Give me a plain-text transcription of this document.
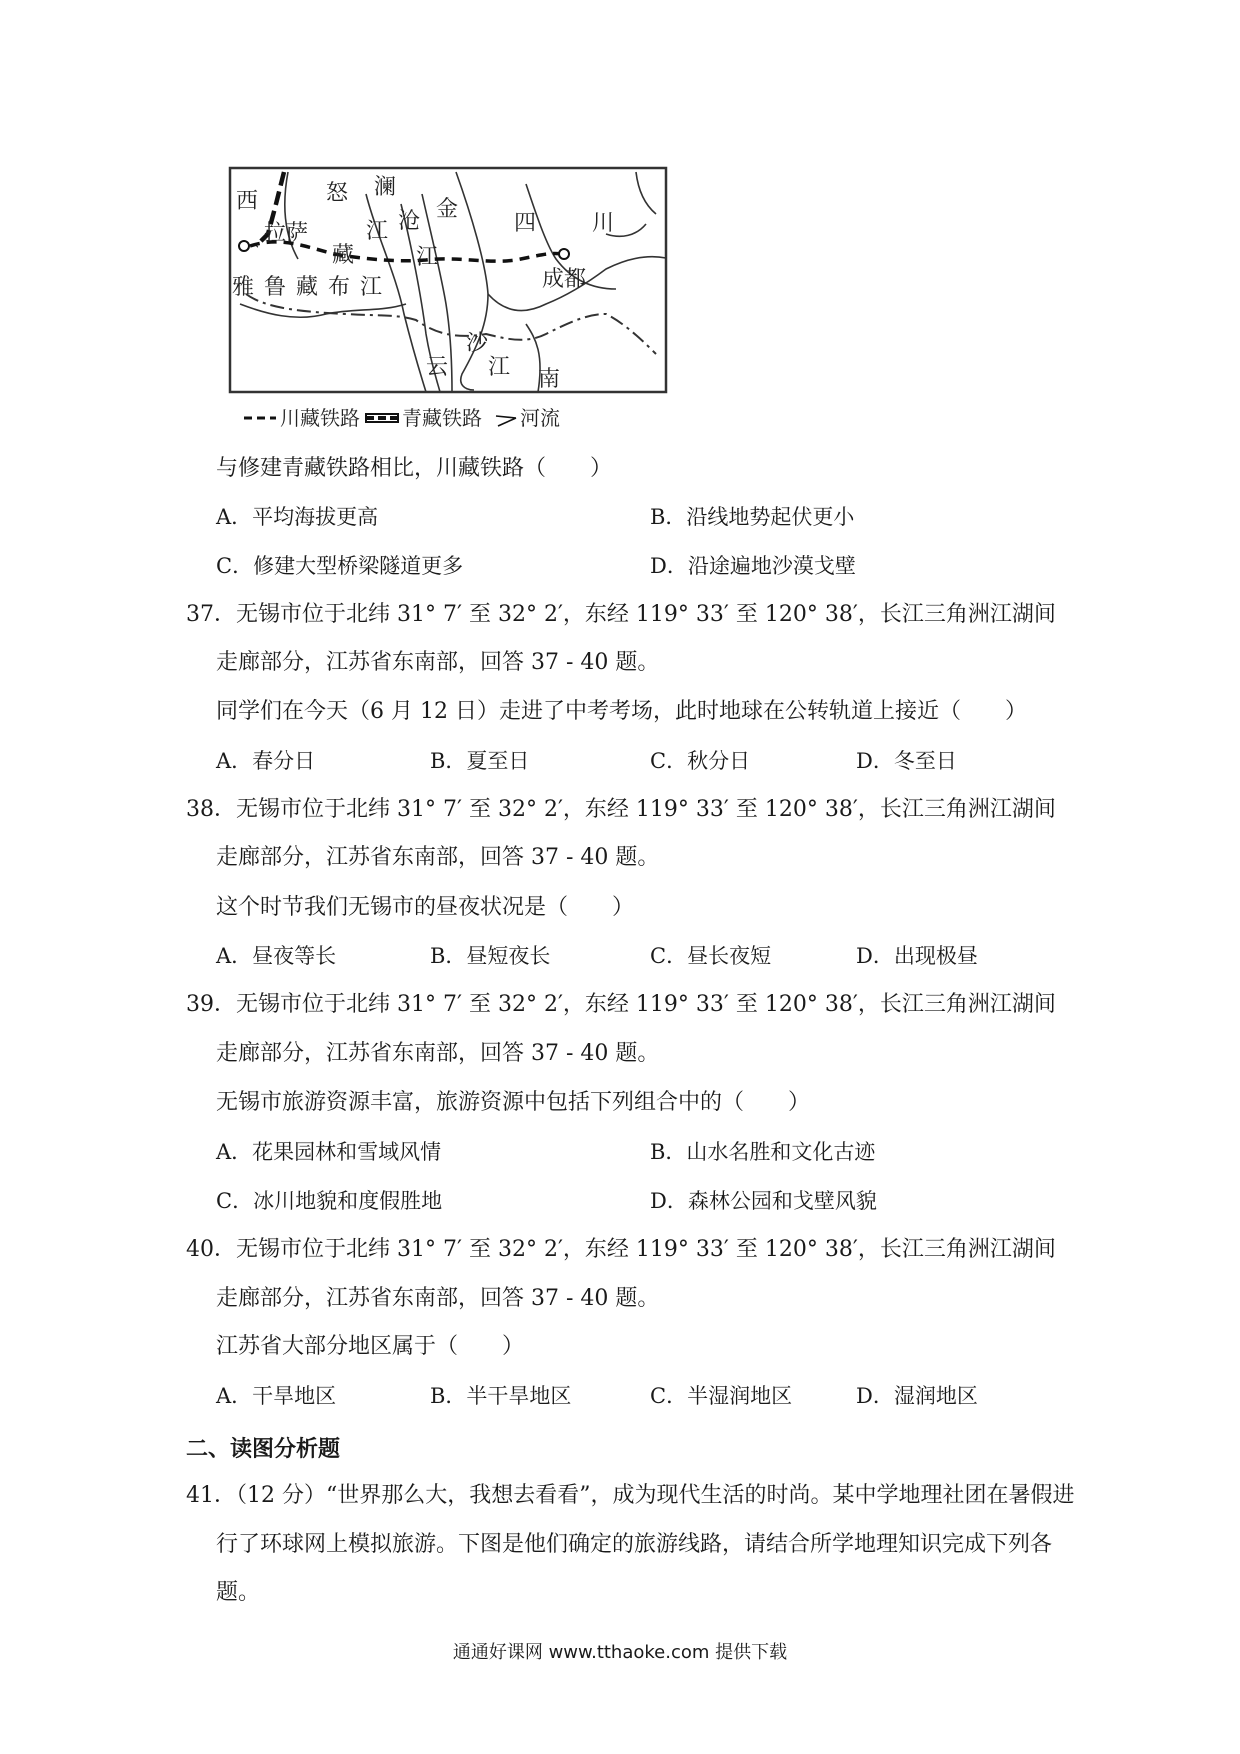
西	怒 澜
金
四	川
拉萨	江 沧
藏	江
成都
雅鲁藏布江
沙
云 江 南
川藏铁路 青藏铁路 河流
与修建青藏铁路相比，川藏铁路（　　）
A．平均海拔更高	B．沿线地势起伏更小
C．修建大型桥梁隧道更多	D．沿途遍地沙漠戈壁
37．无锡市位于北纬 31° 7′ 至 32° 2′，东经 119° 33′ 至 120° 38′，长江三角洲江湖间
走廊部分，江苏省东南部，回答 37 - 40 题。
同学们在今天（6 月 12 日）走进了中考考场，此时地球在公转轨道上接近（　　）
A．春分日	B．夏至日	C．秋分日	D．冬至日
38．无锡市位于北纬 31° 7′ 至 32° 2′，东经 119° 33′ 至 120° 38′，长江三角洲江湖间
走廊部分，江苏省东南部，回答 37 - 40 题。
这个时节我们无锡市的昼夜状况是（　　）
A．昼夜等长	B．昼短夜长	C．昼长夜短	D．出现极昼
39．无锡市位于北纬 31° 7′ 至 32° 2′，东经 119° 33′ 至 120° 38′，长江三角洲江湖间
走廊部分，江苏省东南部，回答 37 - 40 题。
无锡市旅游资源丰富，旅游资源中包括下列组合中的（　　）
A．花果园林和雪域风情	B．山水名胜和文化古迹
C．冰川地貌和度假胜地	D．森林公园和戈壁风貌
40．无锡市位于北纬 31° 7′ 至 32° 2′，东经 119° 33′ 至 120° 38′，长江三角洲江湖间
走廊部分，江苏省东南部，回答 37 - 40 题。
江苏省大部分地区属于（　　）
A．干旱地区	B．半干旱地区	C．半湿润地区	D．湿润地区
二、读图分析题
41．（12 分）“世界那么大，我想去看看”，成为现代生活的时尚。某中学地理社团在暑假进
行了环球网上模拟旅游。下图是他们确定的旅游线路，请结合所学地理知识完成下列各
题。
通通好课网 www.tthaoke.com 提供下载
